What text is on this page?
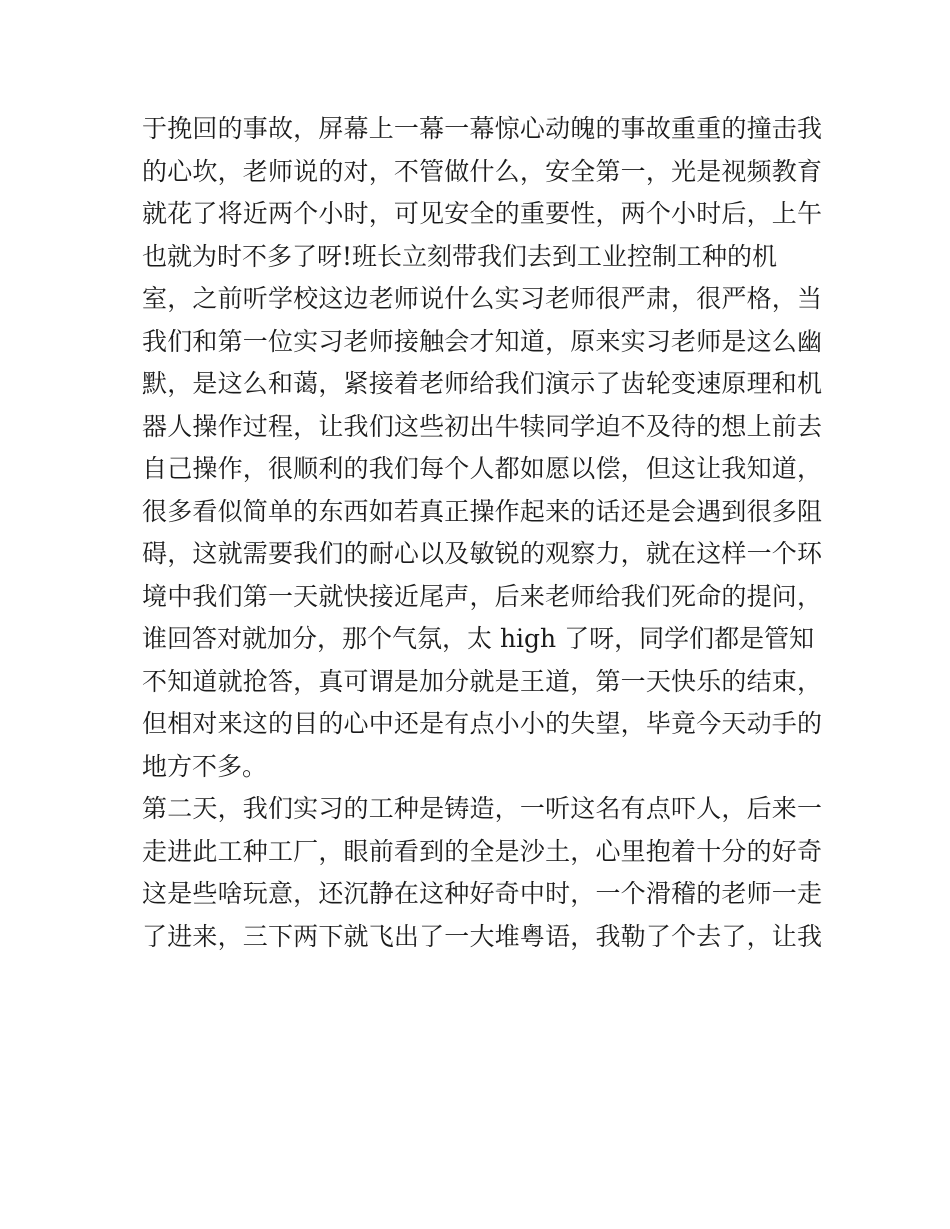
于挽回的事故，屏幕上一幕一幕惊心动魄的事故重重的撞击我
的心坎，老师说的对，不管做什么，安全第一，光是视频教育
就花了将近两个小时，可见安全的重要性，两个小时后，上午
也就为时不多了呀!班长立刻带我们去到工业控制工种的机
室，之前听学校这边老师说什么实习老师很严肃，很严格，当
我们和第一位实习老师接触会才知道，原来实习老师是这么幽
默，是这么和蔼，紧接着老师给我们演示了齿轮变速原理和机
器人操作过程，让我们这些初出牛犊同学迫不及待的想上前去
自己操作，很顺利的我们每个人都如愿以偿，但这让我知道，
很多看似简单的东西如若真正操作起来的话还是会遇到很多阻
碍，这就需要我们的耐心以及敏锐的观察力，就在这样一个环
境中我们第一天就快接近尾声，后来老师给我们死命的提问，
谁回答对就加分，那个气氛，太 high 了呀，同学们都是管知
不知道就抢答，真可谓是加分就是王道，第一天快乐的结束，
但相对来这的目的心中还是有点小小的失望，毕竟今天动手的
地方不多。
第二天，我们实习的工种是铸造，一听这名有点吓人，后来一
走进此工种工厂，眼前看到的全是沙土，心里抱着十分的好奇
这是些啥玩意，还沉静在这种好奇中时，一个滑稽的老师一走
了进来，三下两下就飞出了一大堆粤语，我勒了个去了，让我
